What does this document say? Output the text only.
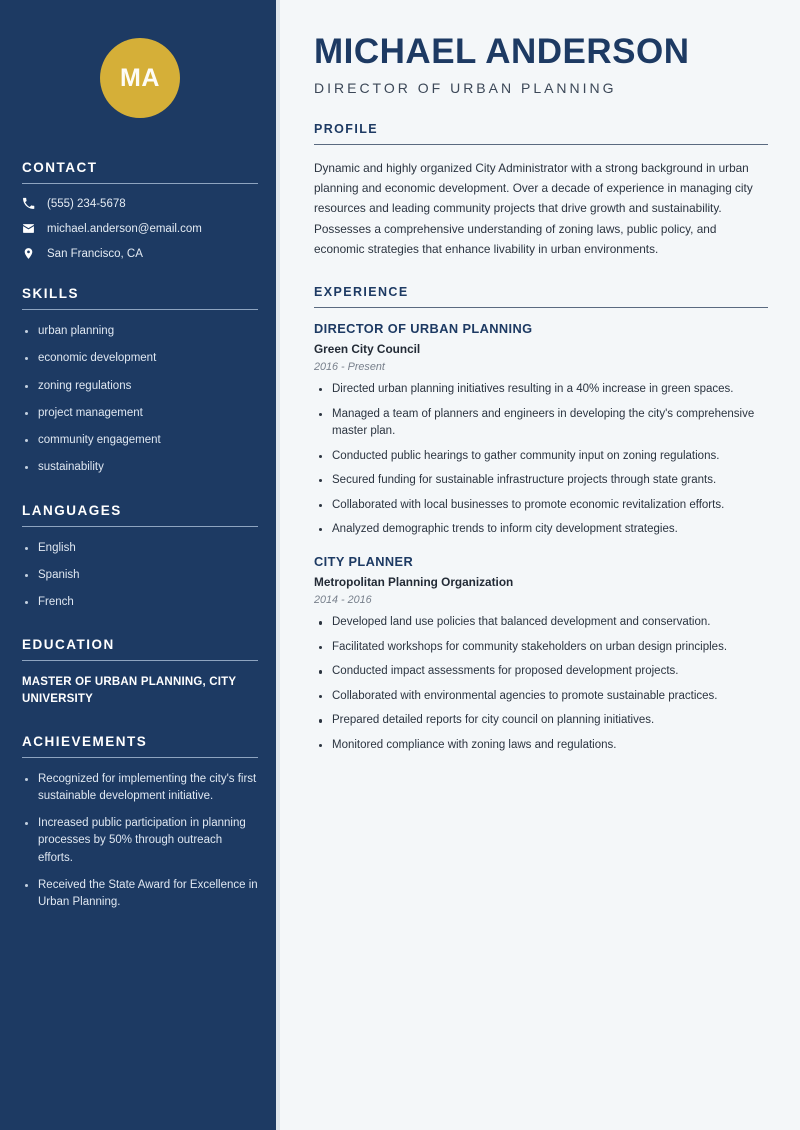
MA
CONTACT
(555) 234-5678
michael.anderson@email.com
San Francisco, CA
SKILLS
urban planning
economic development
zoning regulations
project management
community engagement
sustainability
LANGUAGES
English
Spanish
French
EDUCATION
MASTER OF URBAN PLANNING, CITY UNIVERSITY
ACHIEVEMENTS
Recognized for implementing the city's first sustainable development initiative.
Increased public participation in planning processes by 50% through outreach efforts.
Received the State Award for Excellence in Urban Planning.
MICHAEL ANDERSON
DIRECTOR OF URBAN PLANNING
PROFILE

Dynamic and highly organized City Administrator with a strong background in urban planning and economic development. Over a decade of experience in managing city resources and leading community projects that drive growth and sustainability. Possesses a comprehensive understanding of zoning laws, public policy, and economic strategies that enhance livability in urban environments.

EXPERIENCE
DIRECTOR OF URBAN PLANNING
Green City Council
2016 - Present
Directed urban planning initiatives resulting in a 40% increase in green spaces.
Managed a team of planners and engineers in developing the city's comprehensive master plan.
Conducted public hearings to gather community input on zoning regulations.
Secured funding for sustainable infrastructure projects through state grants.
Collaborated with local businesses to promote economic revitalization efforts.
Analyzed demographic trends to inform city development strategies.
CITY PLANNER
Metropolitan Planning Organization
2014 - 2016
Developed land use policies that balanced development and conservation.
Facilitated workshops for community stakeholders on urban design principles.
Conducted impact assessments for proposed development projects.
Collaborated with environmental agencies to promote sustainable practices.
Prepared detailed reports for city council on planning initiatives.
Monitored compliance with zoning laws and regulations.
